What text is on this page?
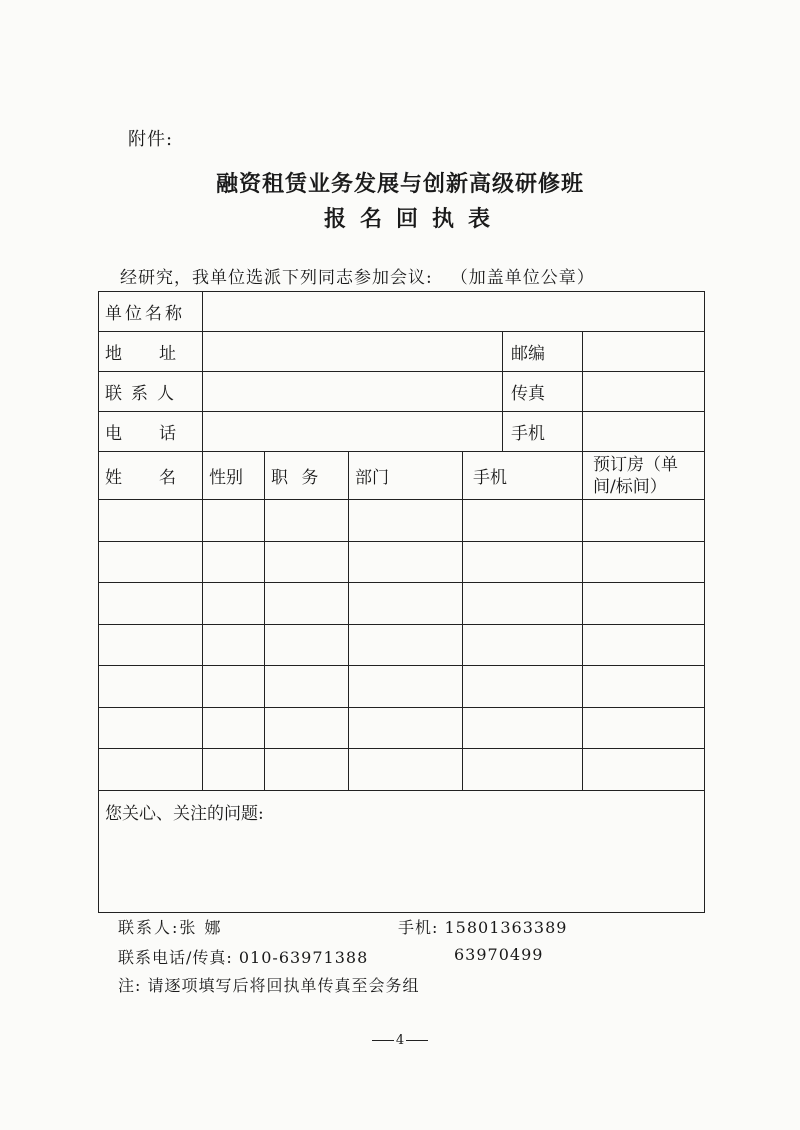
附件:
融资租赁业务发展与创新高级研修班
报名回执表
经研究，我单位选派下列同志参加会议: （加盖单位公章）
单位名称						
地　址					邮编	
联系人					传真	
电　话					手机	
姓　名	性别	职 务	部门	手机		预订房（单间/标间）

您关心、关注的问题:						
联系人:张 娜	手机: 15801363389
联系电话/传真: 010-63971388	63970499
注: 请逐项填写后将回执单传真至会务组
4
